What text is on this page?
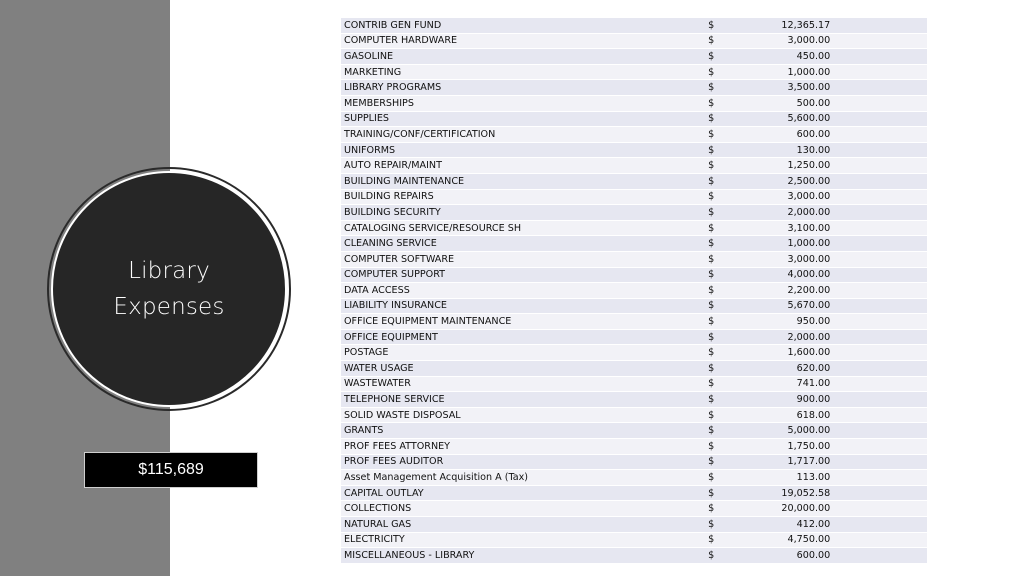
Library
Expenses
$115,689
CONTRIB GEN FUND	$	12,365.17	
COMPUTER HARDWARE	$	3,000.00	
GASOLINE	$	450.00	
MARKETING	$	1,000.00	
LIBRARY PROGRAMS	$	3,500.00	
MEMBERSHIPS	$	500.00	
SUPPLIES	$	5,600.00	
TRAINING/CONF/CERTIFICATION	$	600.00	
UNIFORMS	$	130.00	
AUTO REPAIR/MAINT	$	1,250.00	
BUILDING MAINTENANCE	$	2,500.00	
BUILDING REPAIRS	$	3,000.00	
BUILDING SECURITY	$	2,000.00	
CATALOGING SERVICE/RESOURCE SH	$	3,100.00	
CLEANING SERVICE	$	1,000.00	
COMPUTER SOFTWARE	$	3,000.00	
COMPUTER SUPPORT	$	4,000.00	
DATA ACCESS	$	2,200.00	
LIABILITY INSURANCE	$	5,670.00	
OFFICE EQUIPMENT MAINTENANCE	$	950.00	
OFFICE EQUIPMENT	$	2,000.00	
POSTAGE	$	1,600.00	
WATER USAGE	$	620.00	
WASTEWATER	$	741.00	
TELEPHONE SERVICE	$	900.00	
SOLID WASTE DISPOSAL	$	618.00	
GRANTS	$	5,000.00	
PROF FEES ATTORNEY	$	1,750.00	
PROF FEES AUDITOR	$	1,717.00	
Asset Management Acquisition A (Tax)	$	113.00	
CAPITAL OUTLAY	$	19,052.58	
COLLECTIONS	$	20,000.00	
NATURAL GAS	$	412.00	
ELECTRICITY	$	4,750.00	
MISCELLANEOUS - LIBRARY	$	600.00	
